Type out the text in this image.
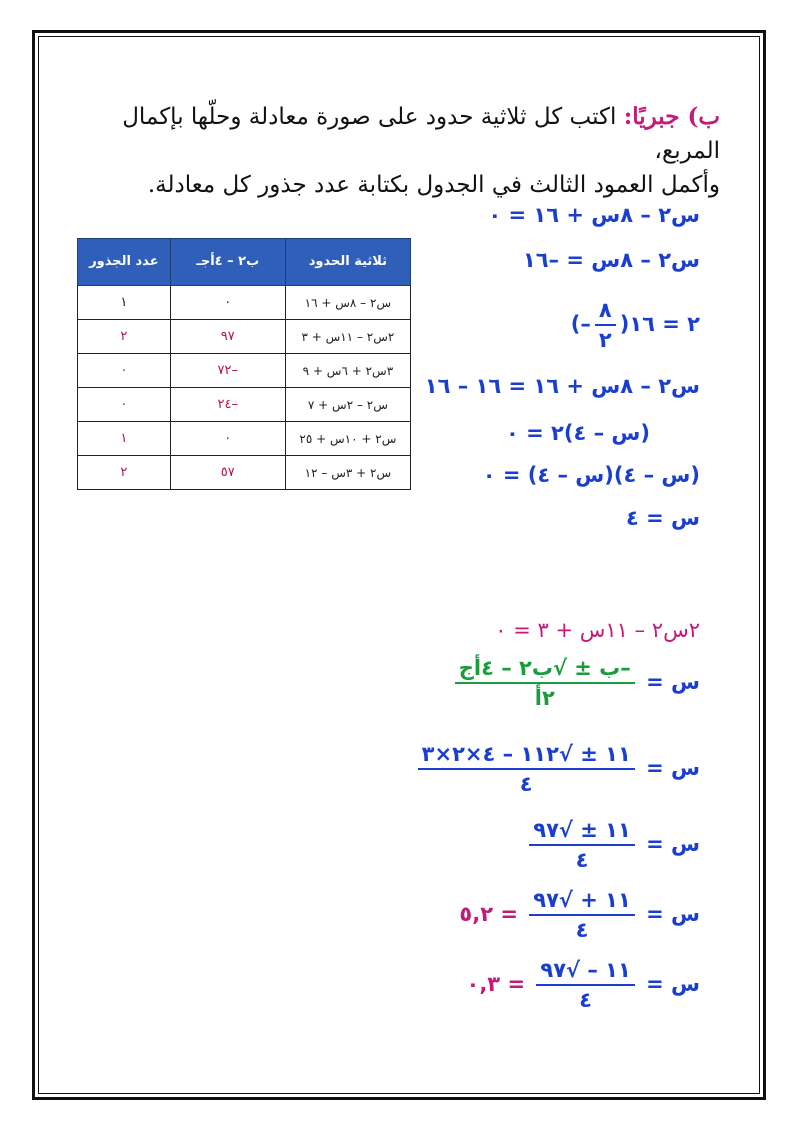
ب) جبريًا: اكتب كل ثلاثية حدود على صورة معادلة وحلّها بإكمال المربع،
وأكمل العمود الثالث في الجدول بكتابة عدد جذور كل معادلة.
ثلاثية الحدود	ب٢ – ٤أجـ	عدد الجذور
س٢ – ٨س + ١٦	٠	١
٢س٢ – ١١س + ٣	٩٧	٢
٣س٢ + ٦س + ٩	–٧٢	٠
س٢ – ٢س + ٧	–٢٤	٠
س٢ + ١٠س + ٢٥	٠	١
س٢ + ٣س – ١٢	٥٧	٢
س٢ – ٨س + ١٦ = ٠
س٢ – ٨س = –١٦
(– $\frac{٨}{٢}$ )٢ = ١٦
س٢ – ٨س + ١٦ = ١٦ – ١٦
(س – ٤)٢ = ٠
(س – ٤)(س – ٤) = ٠
س = ٤
٢س٢ – ١١س + ٣ = ٠
س =
$\frac{\text{–ب ± √ب٢ – ٤أج}}{\text{٢أ}}$
س =
$\frac{١١ \pm √١١٢ - ٤\times ٢\times ٣}{٤}$
س =
$\frac{١١ \pm √٩٧}{٤}$
س =
$\frac{١١ + √٩٧}{٤}$
= ٥,٢
س =
$\frac{١١ - √٩٧}{٤}$
= ٠,٣
